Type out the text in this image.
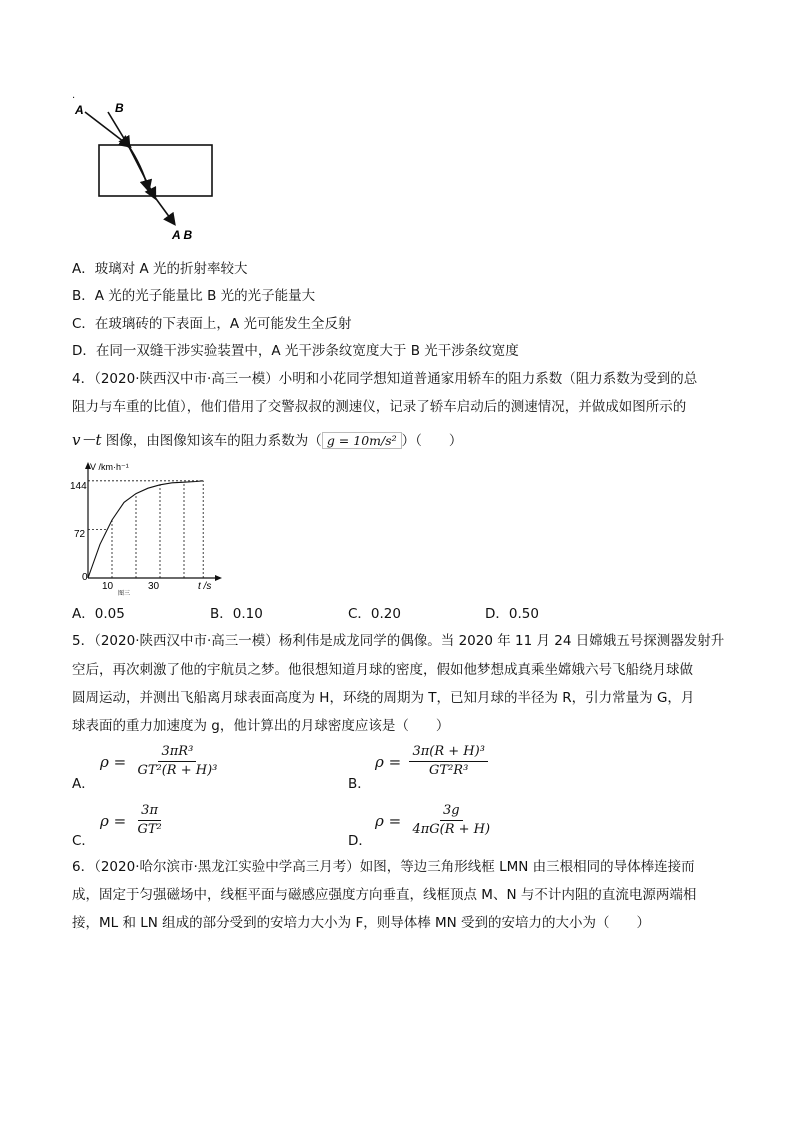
A	B
A B
.
A．玻璃对 A 光的折射率较大
B．A 光的光子能量比 B 光的光子能量大
C．在玻璃砖的下表面上，A 光可能发生全反射
D．在同一双缝干涉实验装置中，A 光干涉条纹宽度大于 B 光干涉条纹宽度
4．（2020·陕西汉中市·高三一模）小明和小花同学想知道普通家用轿车的阻力系数（阻力系数为受到的总
阻力与车重的比值），他们借用了交警叔叔的测速仪，记录了轿车启动后的测速情况，并做成如图所示的
v－t 图像，由图像知该车的阻力系数为（ g = 10m/s² ）（　　）
V /km·h⁻¹
t /s
144
72
0
10	30
图三
A．0.05	B．0.10	C．0.20	D．0.50
5．（2020·陕西汉中市·高三一模）杨利伟是成龙同学的偶像。当 2020 年 11 月 24 日嫦娥五号探测器发射升
空后，再次刺激了他的宇航员之梦。他很想知道月球的密度，假如他梦想成真乘坐嫦娥六号飞船绕月球做
圆周运动，并测出飞船离月球表面高度为 H，环绕的周期为 T，已知月球的半径为 R，引力常量为 G，月
球表面的重力加速度为 g，他计算出的月球密度应该是（　　）
$\rho = \frac{\text{3πR³}}{\text{GT²(R + H)³}}$
A．
$\rho = \frac{\text{3π(R + H)³}}{\text{GT²R³}}$
B．
$\rho = \frac{3\pi}{\text{GT²}}$
C．
$\rho = \frac{3g}{4\pi G(R + H)}$
D．
6．（2020·哈尔滨市·黑龙江实验中学高三月考）如图，等边三角形线框 LMN 由三根相同的导体棒连接而
成，固定于匀强磁场中，线框平面与磁感应强度方向垂直，线框顶点 M、N 与不计内阻的直流电源两端相
接，ML 和 LN 组成的部分受到的安培力大小为 F，则导体棒 MN 受到的安培力的大小为（　　）
